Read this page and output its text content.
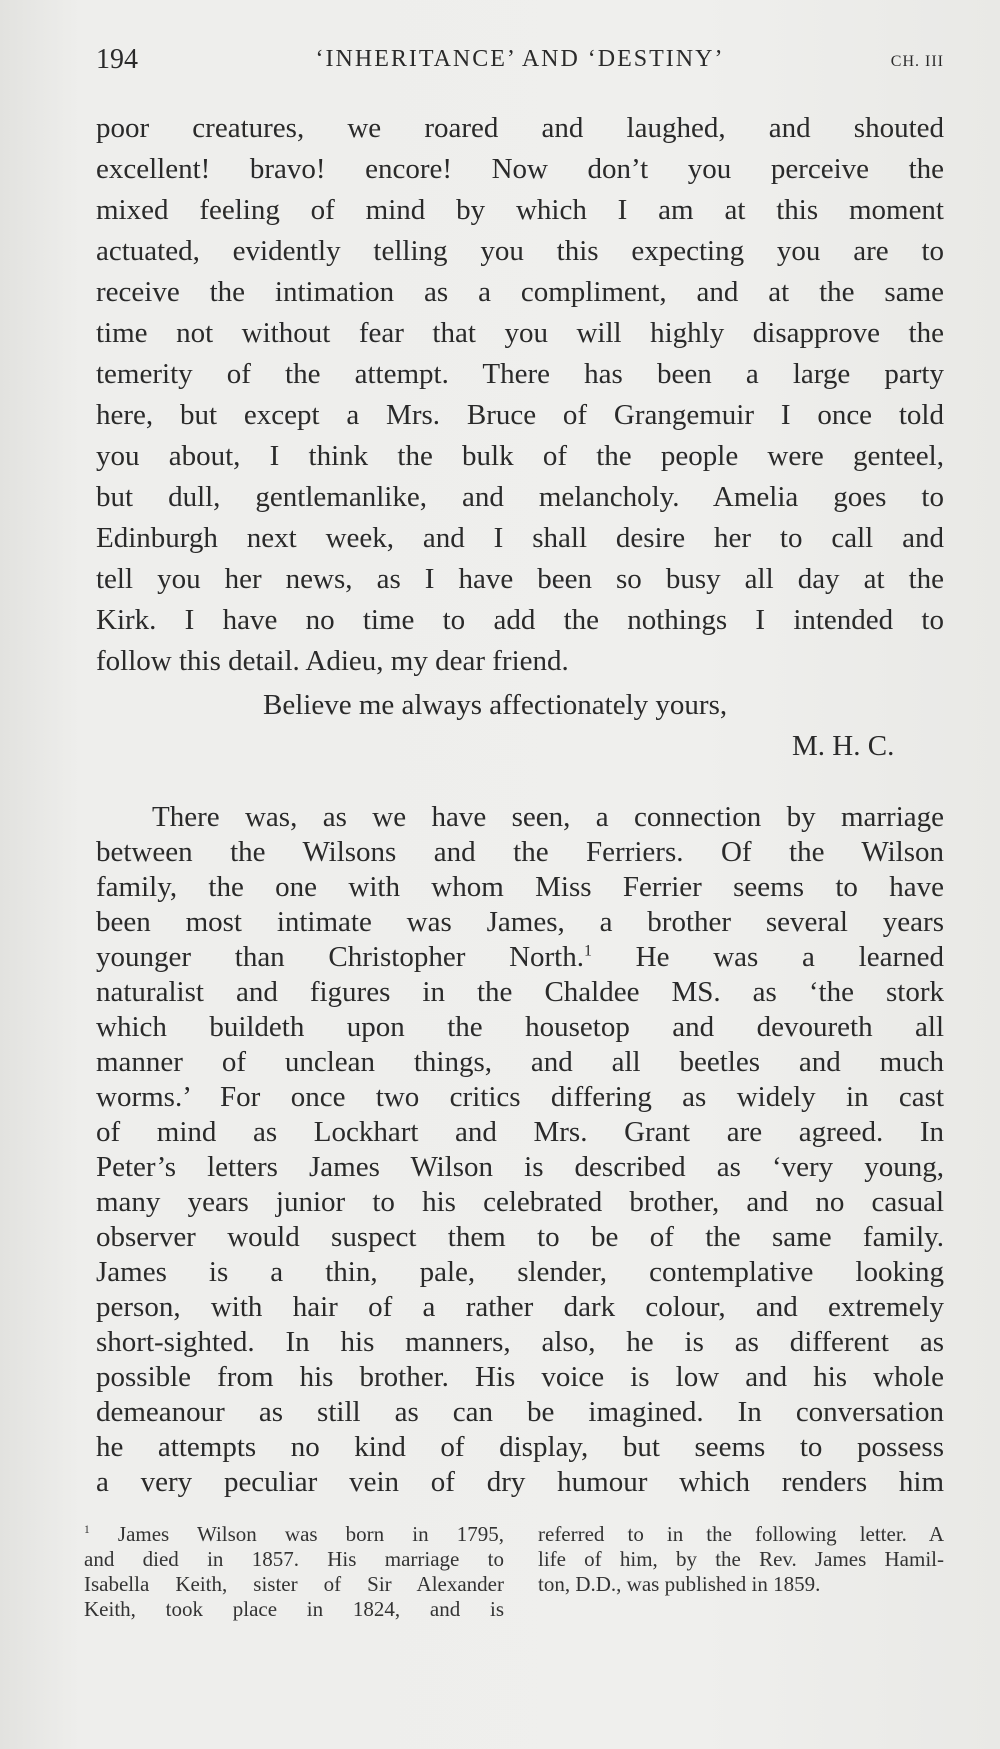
194	‘INHERITANCE’ AND ‘DESTINY’	CH. III
poor creatures, we roared and laughed, and shouted
excellent! bravo! encore! Now don’t you perceive the
mixed feeling of mind by which I am at this moment
actuated, evidently telling you this expecting you are to
receive the intimation as a compliment, and at the same
time not without fear that you will highly disapprove the
temerity of the attempt. There has been a large party
here, but except a Mrs. Bruce of Grangemuir I once told
you about, I think the bulk of the people were genteel,
but dull, gentlemanlike, and melancholy. Amelia goes to
Edinburgh next week, and I shall desire her to call and
tell you her news, as I have been so busy all day at the
Kirk. I have no time to add the nothings I intended to
follow this detail. Adieu, my dear friend.
Believe me always affectionately yours,
M. H. C.
There was, as we have seen, a connection by marriage
between the Wilsons and the Ferriers. Of the Wilson
family, the one with whom Miss Ferrier seems to have
been most intimate was James, a brother several years
younger than Christopher North.$^1$ He was a learned
naturalist and figures in the Chaldee MS. as ‘the stork
which buildeth upon the housetop and devoureth all
manner of unclean things, and all beetles and much
worms.’ For once two critics differing as widely in cast
of mind as Lockhart and Mrs. Grant are agreed. In
Peter’s letters James Wilson is described as ‘very young,
many years junior to his celebrated brother, and no casual
observer would suspect them to be of the same family.
James is a thin, pale, slender, contemplative looking
person, with hair of a rather dark colour, and extremely
short-sighted. In his manners, also, he is as different as
possible from his brother. His voice is low and his whole
demeanour as still as can be imagined. In conversation
he attempts no kind of display, but seems to possess
a very peculiar vein of dry humour which renders him
$^1$ James Wilson was born in 1795,
and died in 1857. His marriage to
Isabella Keith, sister of Sir Alexander
Keith, took place in 1824, and is
referred to in the following letter. A
life of him, by the Rev. James Hamil-
ton, D.D., was published in 1859.
